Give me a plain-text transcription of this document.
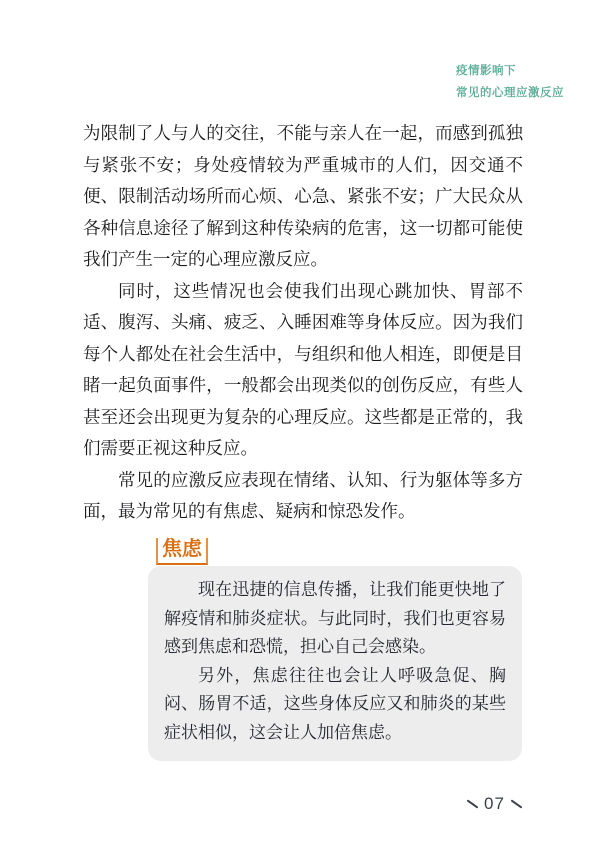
疫情影响下
常见的心理应激反应

为限制了人与人的交往，不能与亲人在一起，而感到孤独与紧张不安；身处疫情较为严重城市的人们，因交通不便、限制活动场所而心烦、心急、紧张不安；广大民众从各种信息途径了解到这种传染病的危害，这一切都可能使我们产生一定的心理应激反应。

同时，这些情况也会使我们出现心跳加快、胃部不适、腹泻、头痛、疲乏、入睡困难等身体反应。因为我们每个人都处在社会生活中，与组织和他人相连，即便是目睹一起负面事件，一般都会出现类似的创伤反应，有些人甚至还会出现更为复杂的心理反应。这些都是正常的，我们需要正视这种反应。

常见的应激反应表现在情绪、认知、行为躯体等多方面，最为常见的有焦虑、疑病和惊恐发作。

焦虑

现在迅捷的信息传播，让我们能更快地了解疫情和肺炎症状。与此同时，我们也更容易感到焦虑和恐慌，担心自己会感染。

另外，焦虑往往也会让人呼吸急促、胸闷、肠胃不适，这些身体反应又和肺炎的某些症状相似，这会让人加倍焦虑。

07
